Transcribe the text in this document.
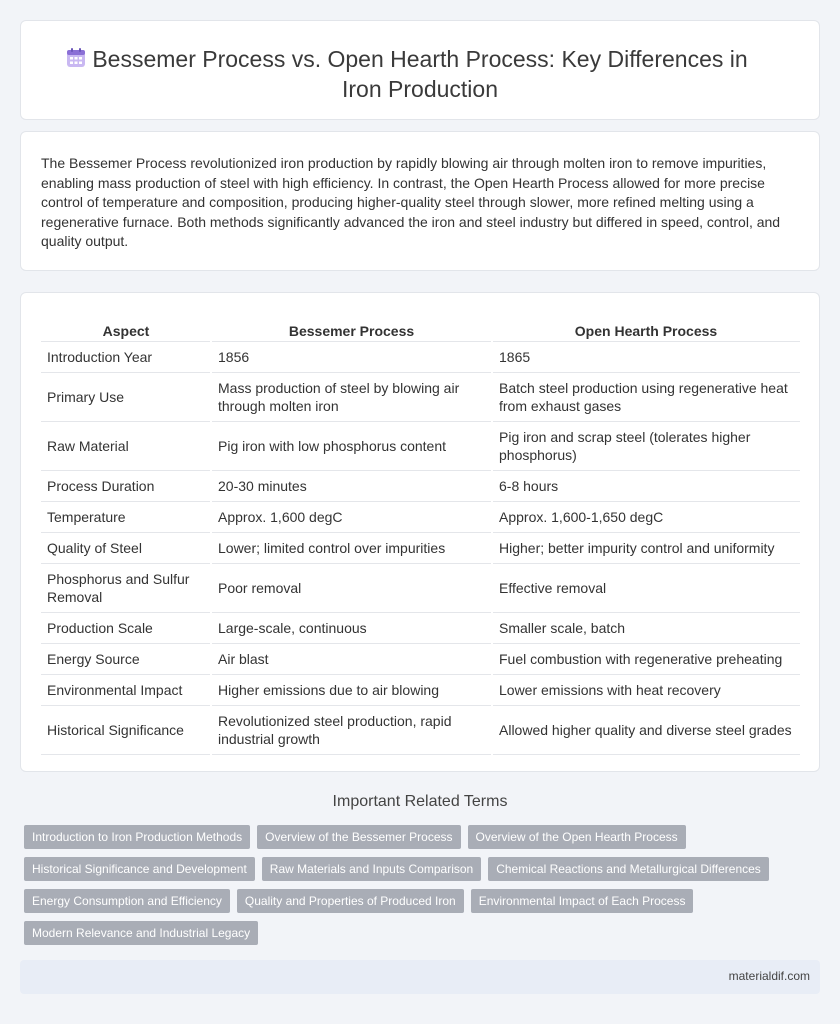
Bessemer Process vs. Open Hearth Process: Key Differences in Iron Production

The Bessemer Process revolutionized iron production by rapidly blowing air through molten iron to remove impurities, enabling mass production of steel with high efficiency. In contrast, the Open Hearth Process allowed for more precise control of temperature and composition, producing higher-quality steel through slower, more refined melting using a regenerative furnace. Both methods significantly advanced the iron and steel industry but differed in speed, control, and quality output.

Aspect	Bessemer Process	Open Hearth Process
Introduction Year	1856	1865
Primary Use	Mass production of steel by blowing air through molten iron	Batch steel production using regenerative heat from exhaust gases
Raw Material	Pig iron with low phosphorus content	Pig iron and scrap steel (tolerates higher phosphorus)
Process Duration	20-30 minutes	6-8 hours
Temperature	Approx. 1,600 degC	Approx. 1,600-1,650 degC
Quality of Steel	Lower; limited control over impurities	Higher; better impurity control and uniformity
Phosphorus and Sulfur Removal	Poor removal	Effective removal
Production Scale	Large-scale, continuous	Smaller scale, batch
Energy Source	Air blast	Fuel combustion with regenerative preheating
Environmental Impact	Higher emissions due to air blowing	Lower emissions with heat recovery
Historical Significance	Revolutionized steel production, rapid industrial growth	Allowed higher quality and diverse steel grades
Important Related Terms
Introduction to Iron Production Methods	Overview of the Bessemer Process	Overview of the Open Hearth Process
Historical Significance and Development	Raw Materials and Inputs Comparison	Chemical Reactions and Metallurgical Differences
Energy Consumption and Efficiency	Quality and Properties of Produced Iron	Environmental Impact of Each Process
Modern Relevance and Industrial Legacy
materialdif.com
